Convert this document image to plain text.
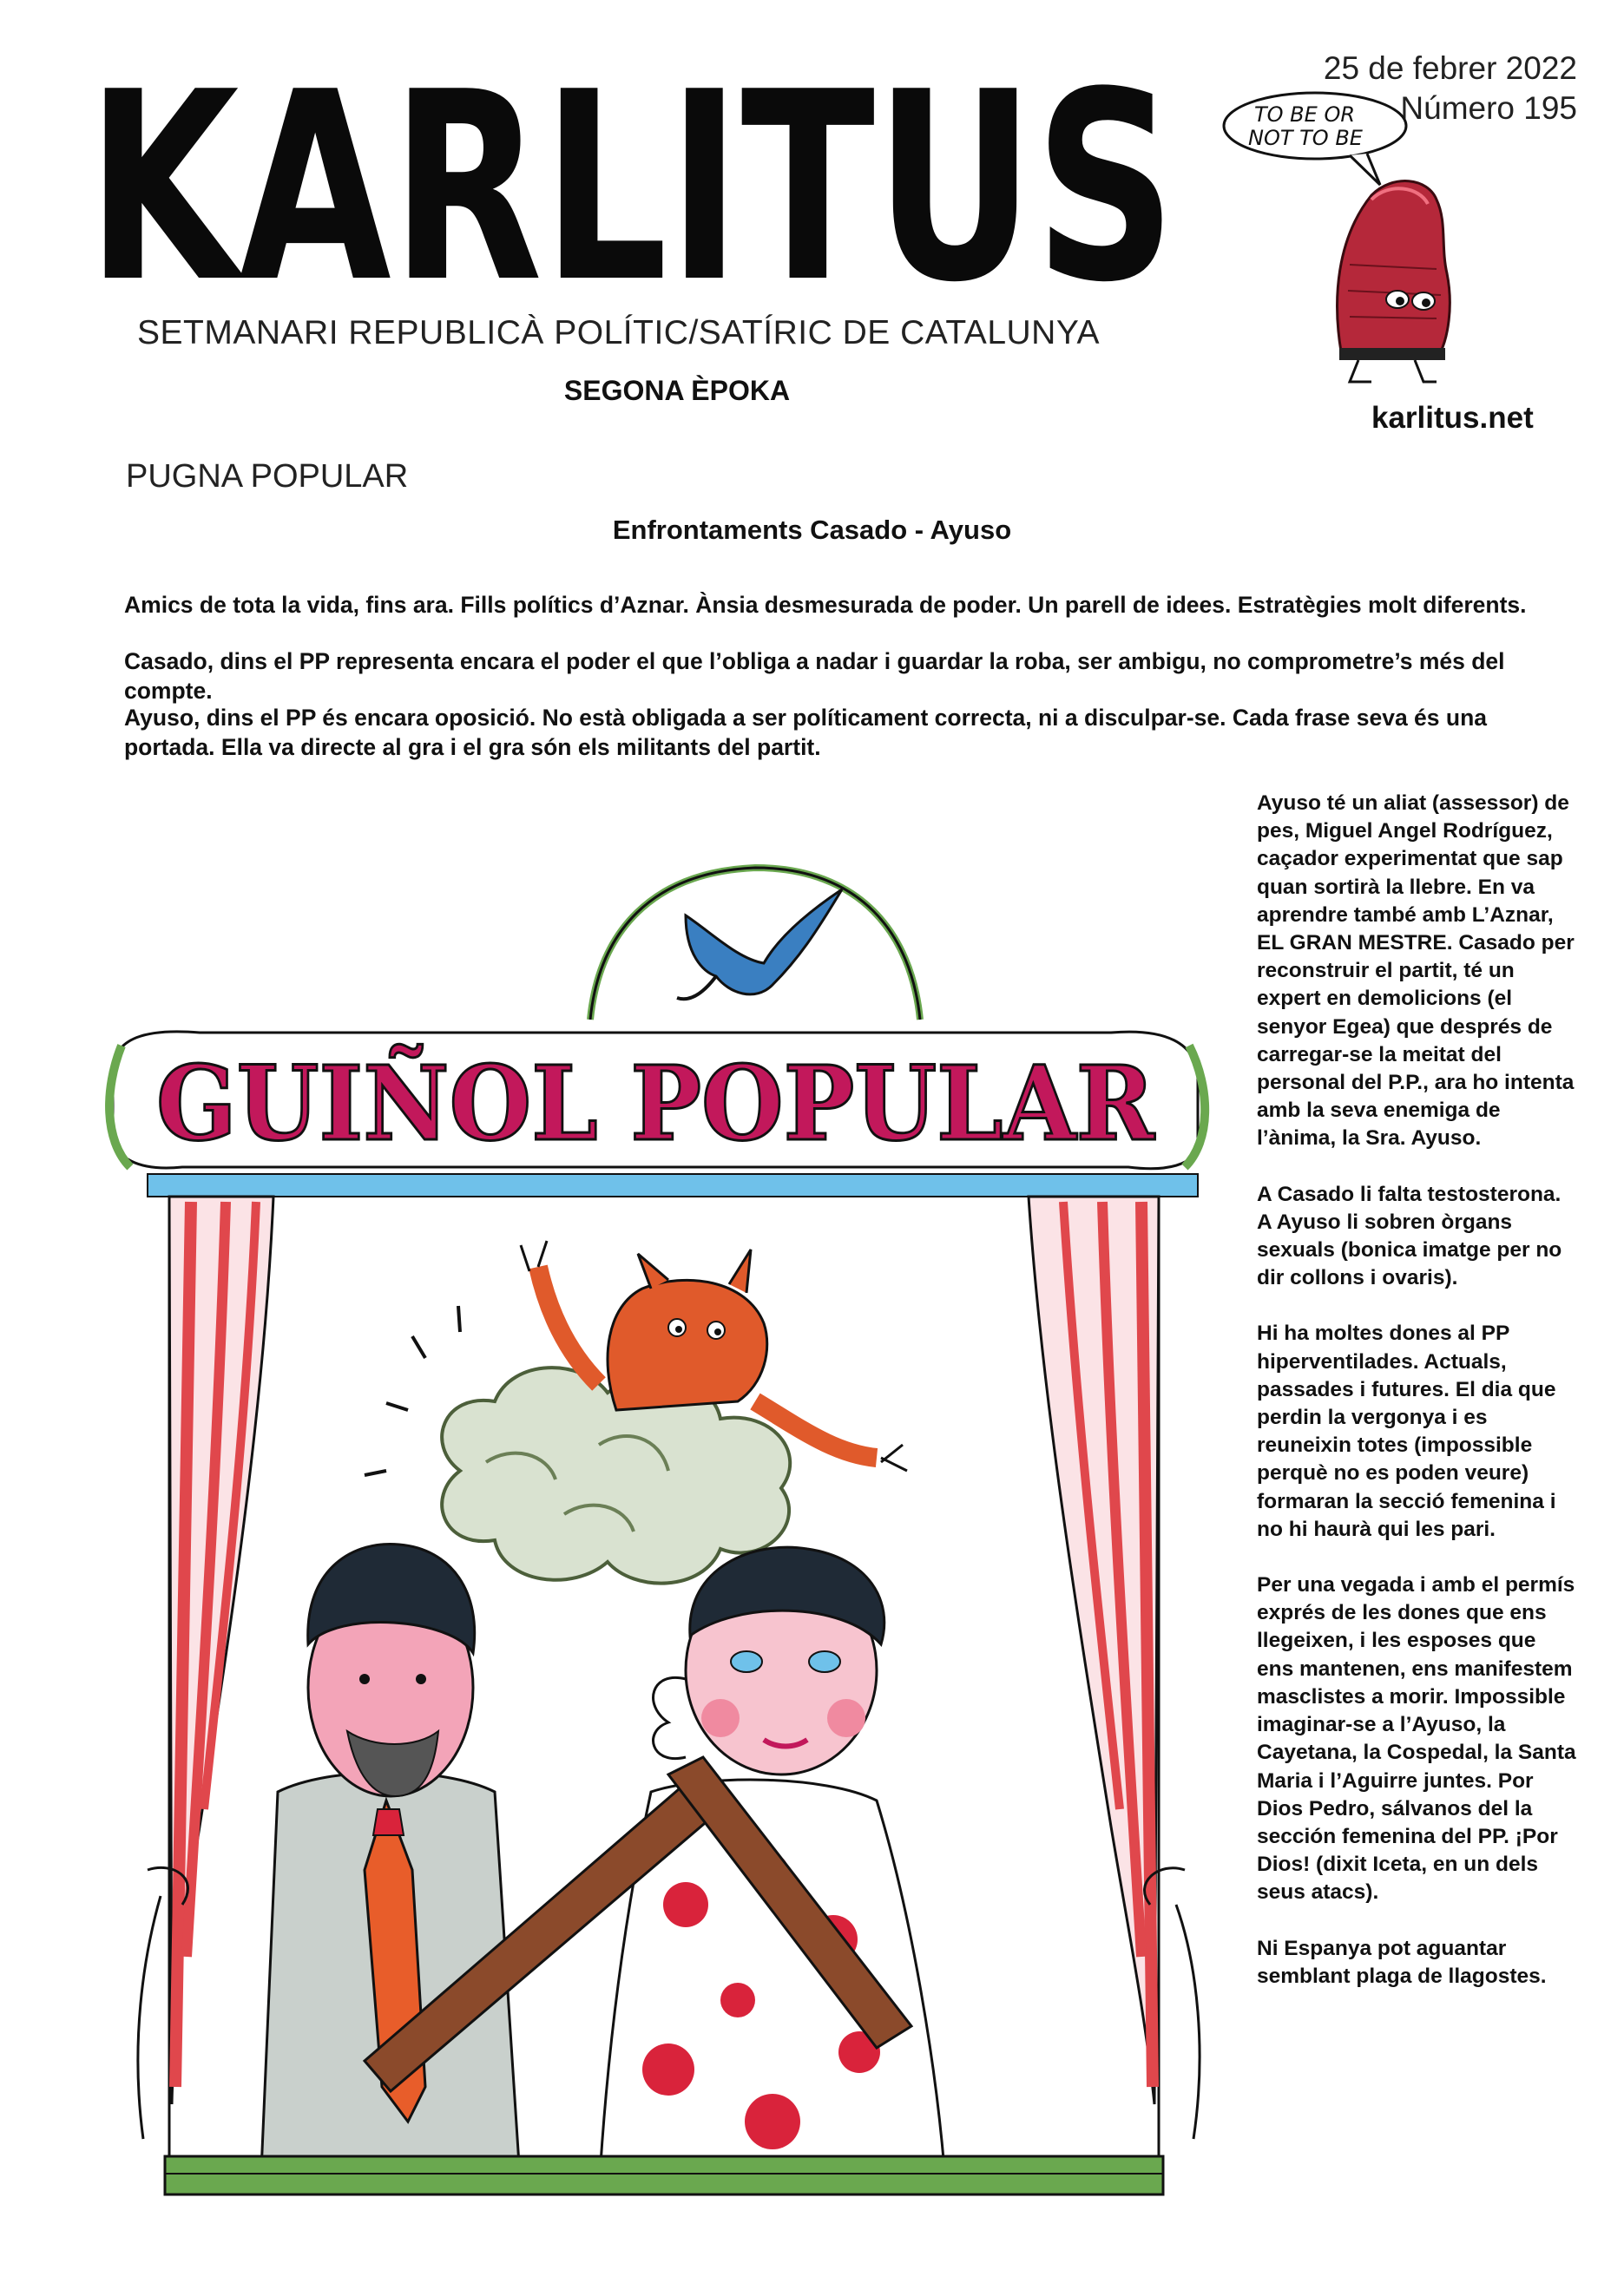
KARLITUS
SETMANARI REPUBLICÀ POLÍTIC/SATÍRIC DE CATALUNYA
SEGONA ÈPOKA
25 de febrer 2022
Número 195
TO BE OR
NOT TO BE
karlitus.net
PUGNA POPULAR
Enfrontaments Casado - Ayuso
Amics de tota la vida, fins ara. Fills polítics d’Aznar. Ànsia desmesurada de poder. Un parell de idees. Estratègies molt diferents.
Casado, dins el PP representa encara el poder el que l’obliga a nadar i guardar la roba, ser ambigu, no comprometre’s més del compte.
Ayuso, dins el PP és encara oposició. No està obligada a ser políticament correcta, ni a disculpar-se. Cada frase seva és una portada. Ella va directe al gra i el gra són els militants del partit.

Ayuso té un aliat (assessor) de pes, Miguel Angel Rodríguez, caçador experimentat que sap quan sortirà la llebre. En va aprendre també amb L’Aznar, EL GRAN MESTRE. Casado per reconstruir el partit, té un expert en demolicions (el senyor Egea) que després de carregar-se la meitat del personal del P.P., ara ho intenta amb la seva enemiga de l’ànima, la Sra. Ayuso.

A Casado li falta testosterona. A Ayuso li sobren òrgans sexuals (bonica imatge per no dir collons i ovaris).

Hi ha moltes dones al PP hiperventilades. Actuals, passades i futures. El dia que perdin la vergonya i es reuneixin totes (impossible perquè no es poden veure) formaran la secció femenina i no hi haurà qui les pari.

Per una vegada i amb el permís exprés de les dones que ens llegeixen, i les esposes que ens mantenen, ens manifestem masclistes a morir. Impossible imaginar-se a l’Ayuso, la Cayetana, la Cospedal, la Santa Maria i l’Aguirre juntes. Por Dios Pedro, sálvanos del la sección femenina del PP. ¡Por Dios! (dixit Iceta, en un dels seus atacs).

Ni Espanya pot aguantar semblant plaga de llagostes.

GUIÑOL POPULAR
